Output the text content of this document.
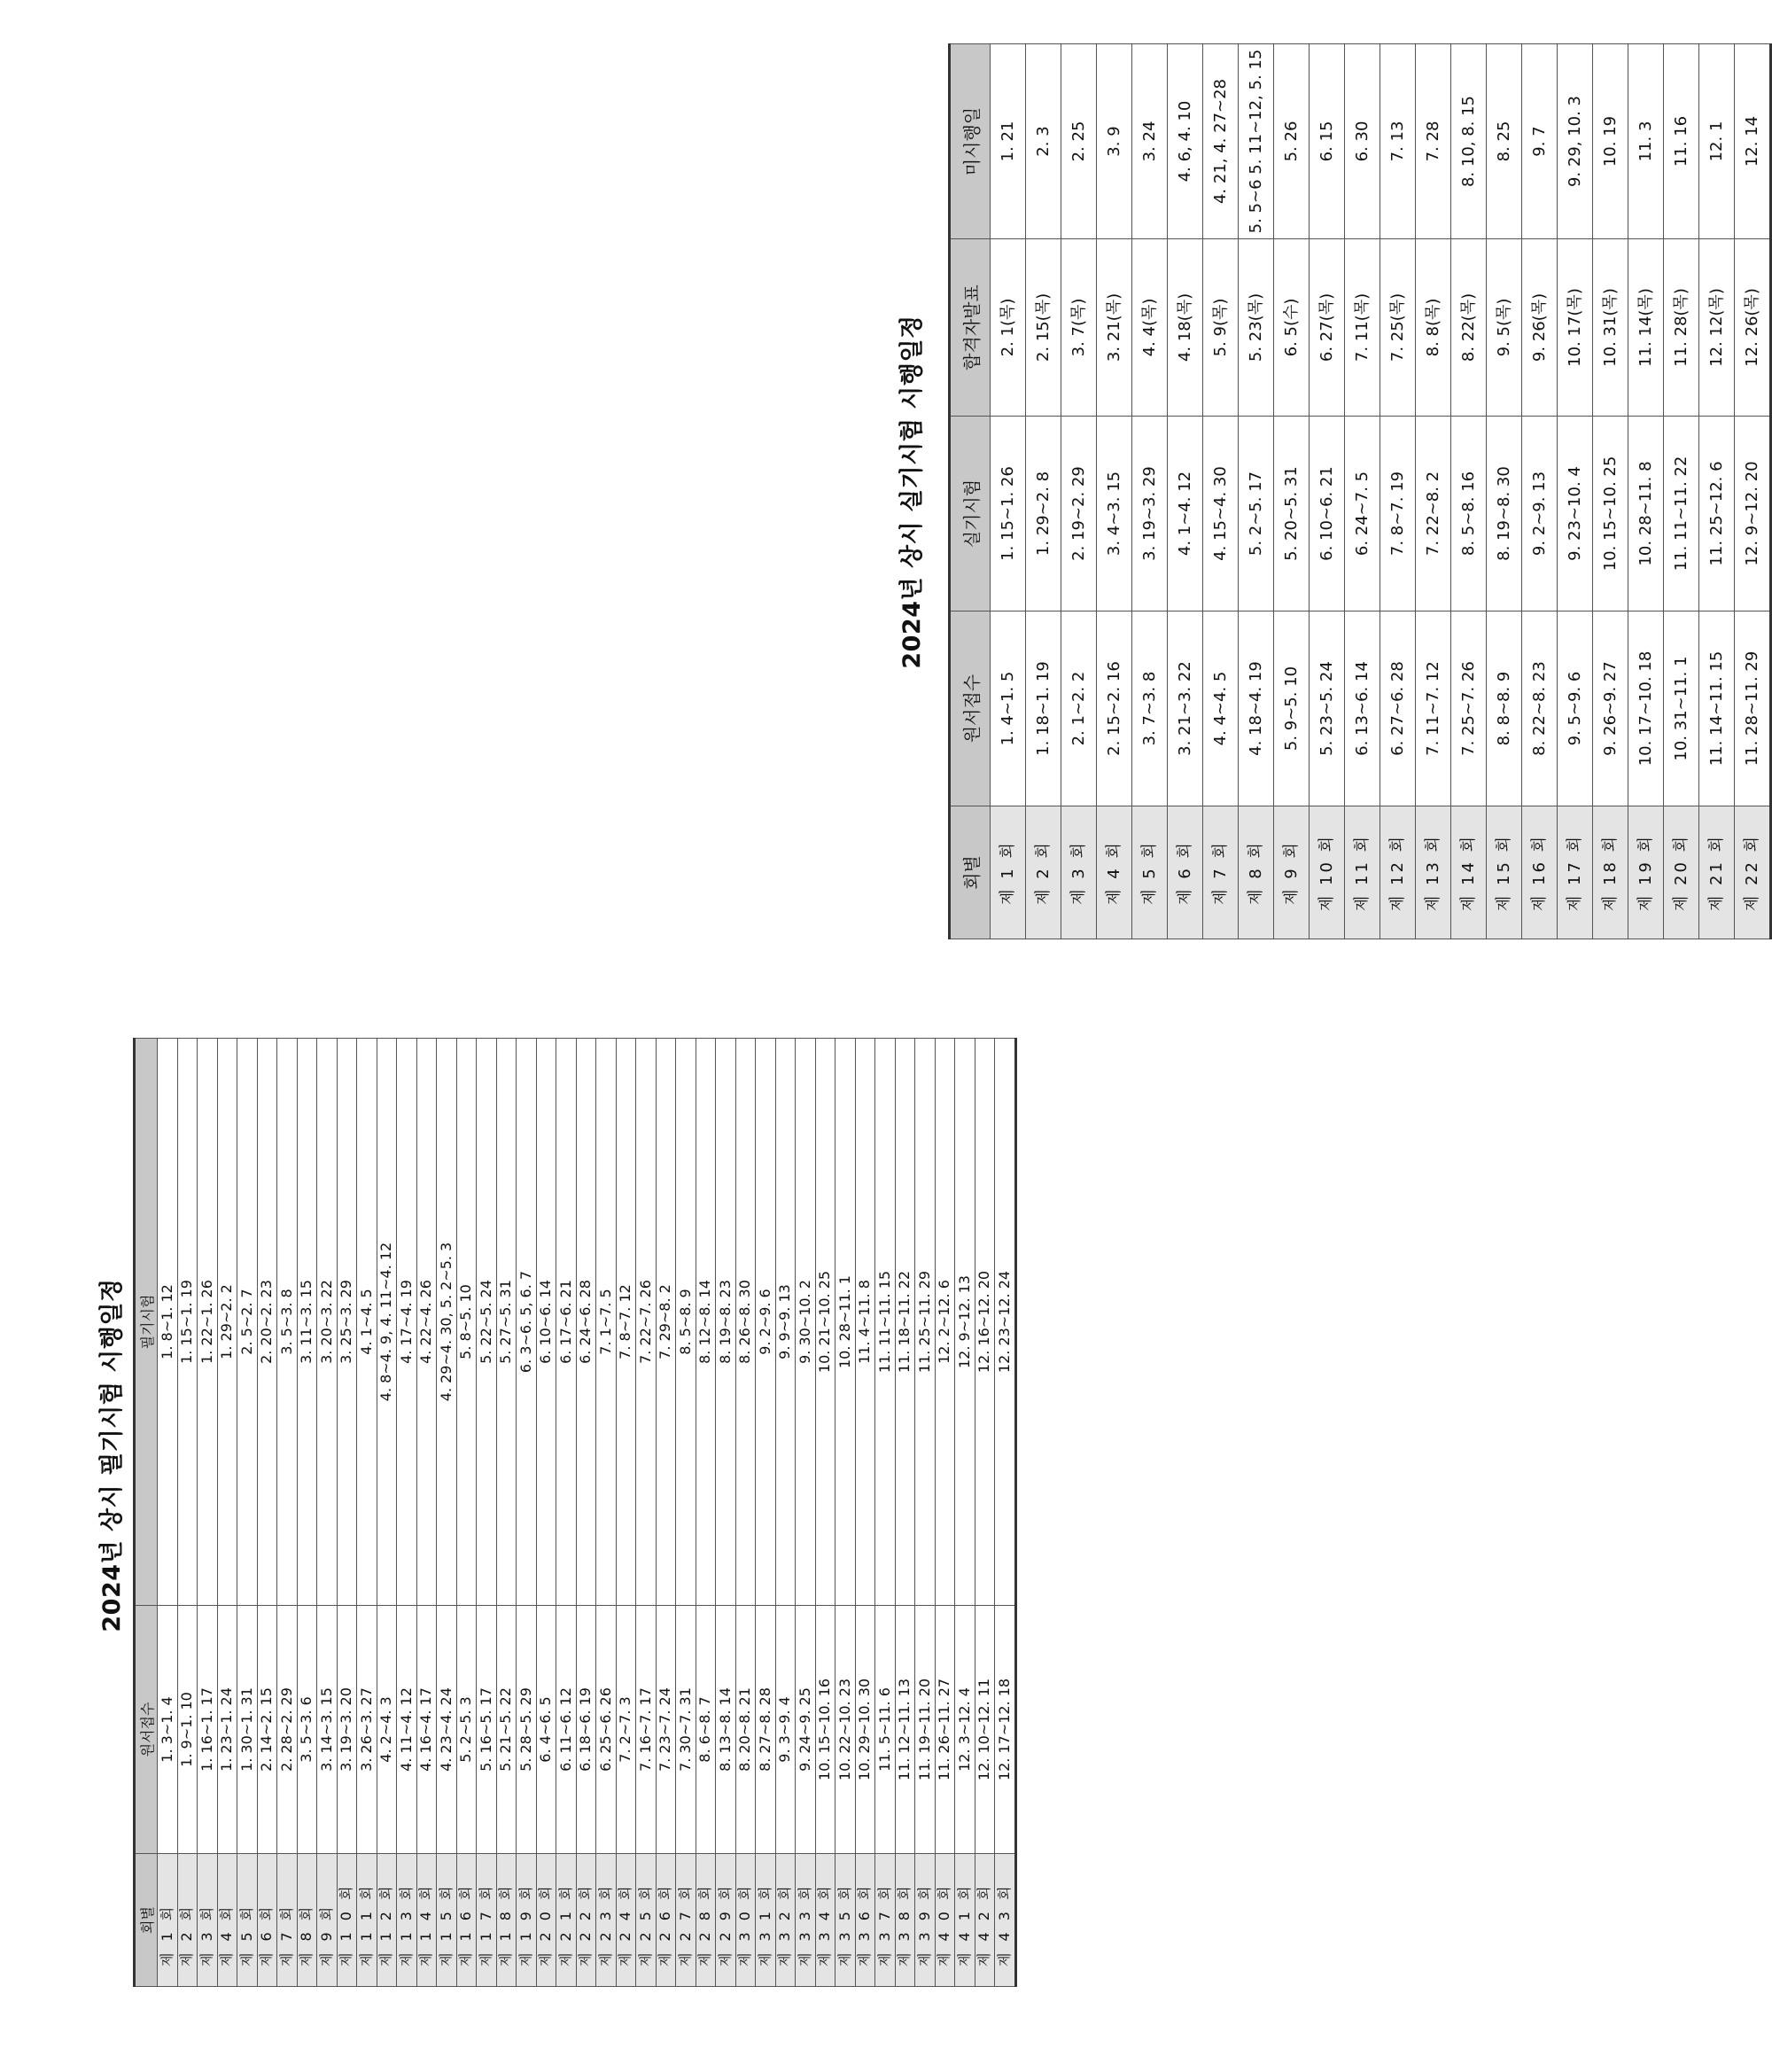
2024년 상시 필기시험 시행일정
회별	원서접수	필기시험
제 1 회	1. 3~1. 4	1. 8~1. 12
제 2 회	1. 9~1. 10	1. 15~1. 19
제 3 회	1. 16~1. 17	1. 22~1. 26
제 4 회	1. 23~1. 24	1. 29~2. 2
제 5 회	1. 30~1. 31	2. 5~2. 7
제 6 회	2. 14~2. 15	2. 20~2. 23
제 7 회	2. 28~2. 29	3. 5~3. 8
제 8 회	3. 5~3. 6	3. 11~3. 15
제 9 회	3. 14~3. 15	3. 20~3. 22
제 1 0 회	3. 19~3. 20	3. 25~3. 29
제 1 1 회	3. 26~3. 27	4. 1~4. 5
제 1 2 회	4. 2~4. 3	4. 8~4. 9, 4. 11~4. 12
제 1 3 회	4. 11~4. 12	4. 17~4. 19
제 1 4 회	4. 16~4. 17	4. 22~4. 26
제 1 5 회	4. 23~4. 24	4. 29~4. 30, 5. 2~5. 3
제 1 6 회	5. 2~5. 3	5. 8~5. 10
제 1 7 회	5. 16~5. 17	5. 22~5. 24
제 1 8 회	5. 21~5. 22	5. 27~5. 31
제 1 9 회	5. 28~5. 29	6. 3~6. 5, 6. 7
제 2 0 회	6. 4~6. 5	6. 10~6. 14
제 2 1 회	6. 11~6. 12	6. 17~6. 21
제 2 2 회	6. 18~6. 19	6. 24~6. 28
제 2 3 회	6. 25~6. 26	7. 1~7. 5
제 2 4 회	7. 2~7. 3	7. 8~7. 12
제 2 5 회	7. 16~7. 17	7. 22~7. 26
제 2 6 회	7. 23~7. 24	7. 29~8. 2
제 2 7 회	7. 30~7. 31	8. 5~8. 9
제 2 8 회	8. 6~8. 7	8. 12~8. 14
제 2 9 회	8. 13~8. 14	8. 19~8. 23
제 3 0 회	8. 20~8. 21	8. 26~8. 30
제 3 1 회	8. 27~8. 28	9. 2~9. 6
제 3 2 회	9. 3~9. 4	9. 9~9. 13
제 3 3 회	9. 24~9. 25	9. 30~10. 2
제 3 4 회	10. 15~10. 16	10. 21~10. 25
제 3 5 회	10. 22~10. 23	10. 28~11. 1
제 3 6 회	10. 29~10. 30	11. 4~11. 8
제 3 7 회	11. 5~11. 6	11. 11~11. 15
제 3 8 회	11. 12~11. 13	11. 18~11. 22
제 3 9 회	11. 19~11. 20	11. 25~11. 29
제 4 0 회	11. 26~11. 27	12. 2~12. 6
제 4 1 회	12. 3~12. 4	12. 9~12. 13
제 4 2 회	12. 10~12. 11	12. 16~12. 20
제 4 3 회	12. 17~12. 18	12. 23~12. 24
2024년 상시 실기시험 시행일정
회별	원서접수	실기시험	합격자발표	미시행일
제 1 회	1. 4~1. 5	1. 15~1. 26	2. 1(목)	1. 21
제 2 회	1. 18~1. 19	1. 29~2. 8	2. 15(목)	2. 3
제 3 회	2. 1~2. 2	2. 19~2. 29	3. 7(목)	2. 25
제 4 회	2. 15~2. 16	3. 4~3. 15	3. 21(목)	3. 9
제 5 회	3. 7~3. 8	3. 19~3. 29	4. 4(목)	3. 24
제 6 회	3. 21~3. 22	4. 1~4. 12	4. 18(목)	4. 6, 4. 10
제 7 회	4. 4~4. 5	4. 15~4. 30	5. 9(목)	4. 21, 4. 27~28
제 8 회	4. 18~4. 19	5. 2~5. 17	5. 23(목)	5. 5~6 5. 11~12, 5. 15
제 9 회	5. 9~5. 10	5. 20~5. 31	6. 5(수)	5. 26
제 10 회	5. 23~5. 24	6. 10~6. 21	6. 27(목)	6. 15
제 11 회	6. 13~6. 14	6. 24~7. 5	7. 11(목)	6. 30
제 12 회	6. 27~6. 28	7. 8~7. 19	7. 25(목)	7. 13
제 13 회	7. 11~7. 12	7. 22~8. 2	8. 8(목)	7. 28
제 14 회	7. 25~7. 26	8. 5~8. 16	8. 22(목)	8. 10, 8. 15
제 15 회	8. 8~8. 9	8. 19~8. 30	9. 5(목)	8. 25
제 16 회	8. 22~8. 23	9. 2~9. 13	9. 26(목)	9. 7
제 17 회	9. 5~9. 6	9. 23~10. 4	10. 17(목)	9. 29, 10. 3
제 18 회	9. 26~9. 27	10. 15~10. 25	10. 31(목)	10. 19
제 19 회	10. 17~10. 18	10. 28~11. 8	11. 14(목)	11. 3
제 20 회	10. 31~11. 1	11. 11~11. 22	11. 28(목)	11. 16
제 21 회	11. 14~11. 15	11. 25~12. 6	12. 12(목)	12. 1
제 22 회	11. 28~11. 29	12. 9~12. 20	12. 26(목)	12. 14
